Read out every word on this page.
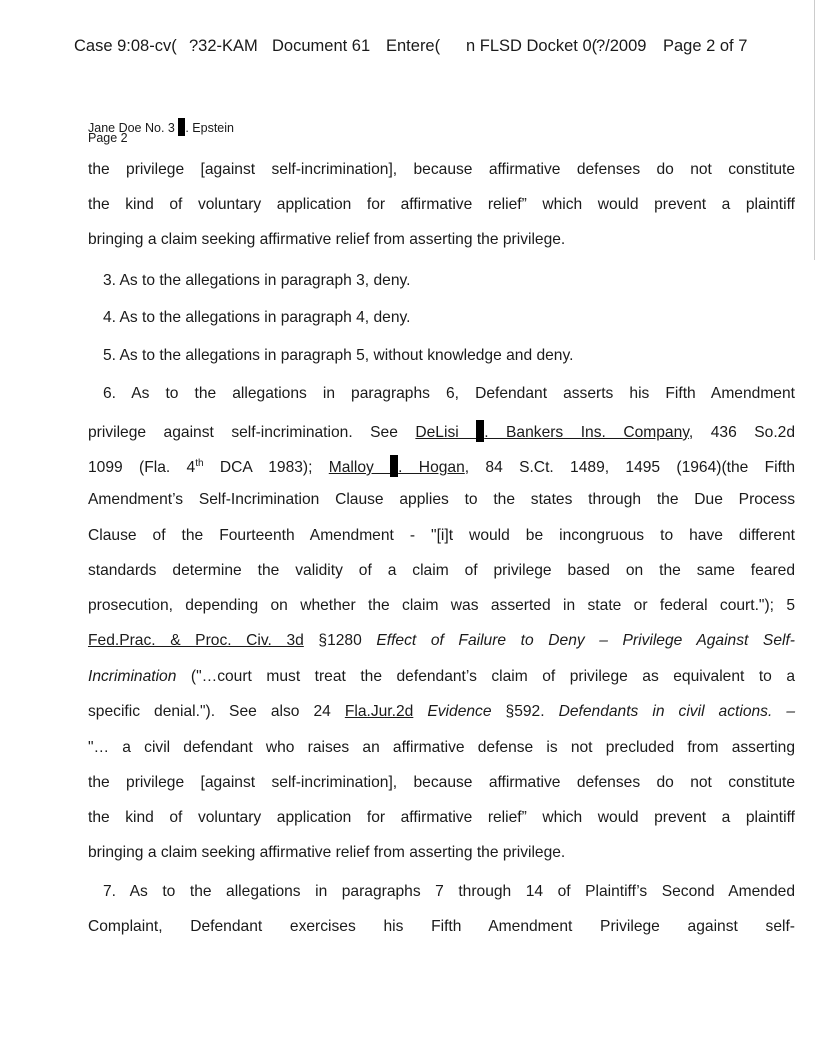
Case 9:08-cv( ?32-KAM Document 61 Entere( n FLSD Docket 0(
?/2009 Page 2 of 7
Jane Doe No. 3 . Epstein
Page 2
the privilege [against self-incrimination], because affirmative defenses do not constitute
the kind of voluntary application for affirmative relief” which would prevent a plaintiff
bringing a claim seeking affirmative relief from asserting the privilege.
3. As to the allegations in paragraph 3, deny.
4. As to the allegations in paragraph 4, deny.
5. As to the allegations in paragraph 5, without knowledge and deny.
6. As to the allegations in paragraphs 6, Defendant asserts his Fifth Amendment
privilege against self-incrimination. See DeLisi . Bankers Ins. Company, 436 So.2d
1099 (Fla. 4th DCA 1983); Malloy . Hogan, 84 S.Ct. 1489, 1495 (1964)(the Fifth
Amendment’s Self-Incrimination Clause applies to the states through the Due Process
Clause of the Fourteenth Amendment - "[i]t would be incongruous to have different
standards determine the validity of a claim of privilege based on the same feared
prosecution, depending on whether the claim was asserted in state or federal court."); 5
Fed.Prac. & Proc. Civ. 3d §1280 Effect of Failure to Deny – Privilege Against Self-
Incrimination ("…court must treat the defendant’s claim of privilege as equivalent to a
specific denial."). See also 24 Fla.Jur.2d Evidence §592. Defendants in civil actions. –
"… a civil defendant who raises an affirmative defense is not precluded from asserting
the privilege [against self-incrimination], because affirmative defenses do not constitute
the kind of voluntary application for affirmative relief” which would prevent a plaintiff
bringing a claim seeking affirmative relief from asserting the privilege.
7. As to the allegations in paragraphs 7 through 14 of Plaintiff’s Second Amended
Complaint, Defendant exercises his Fifth Amendment Privilege against self-
